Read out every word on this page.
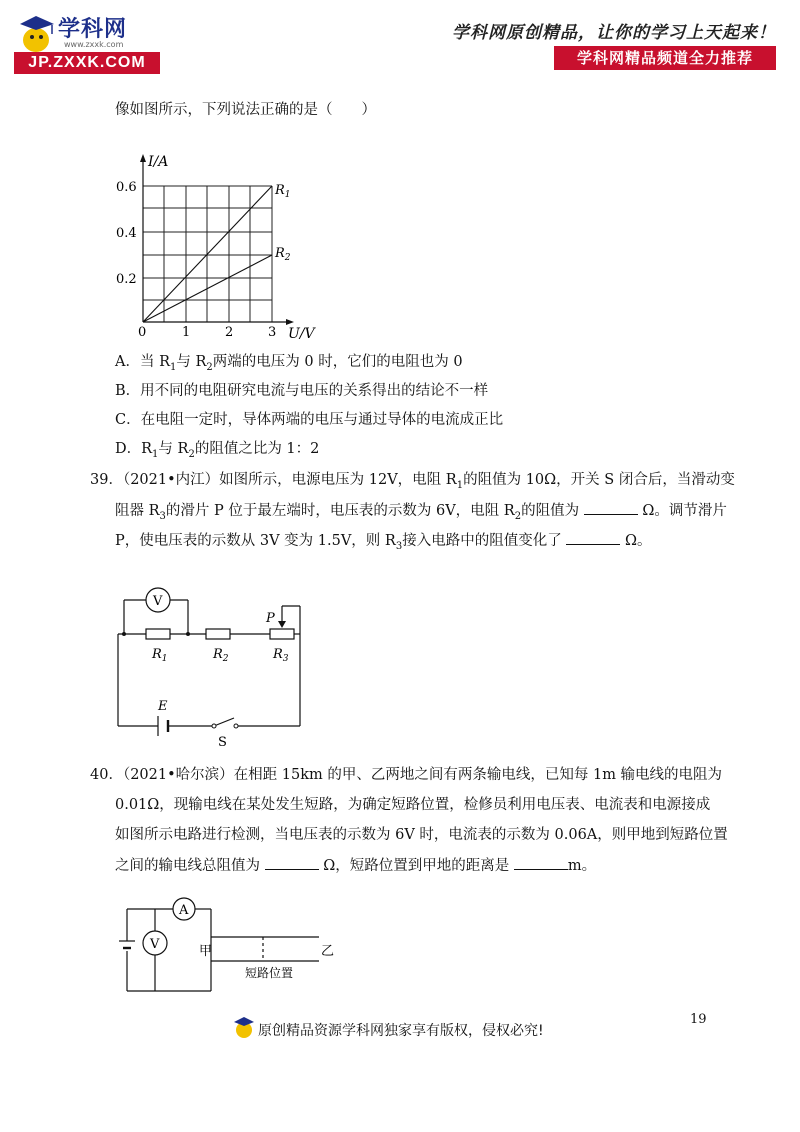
学科网
www.zxxk.com
JP.ZXXK.COM
学科网原创精品，让你的学习上天起来！
学科网精品频道全力推荐
像如图所示，下列说法正确的是（　　）
I/A
U/V
0.6
0.4
0.2
0	1	2	3
$R_1$
$R_2$
A．当 $R_1$与 $R_2$两端的电压为 0 时，它们的电阻也为 0
B．用不同的电阻研究电流与电压的关系得出的结论不一样
C．在电阻一定时，导体两端的电压与通过导体的电流成正比
D．$R_1$与 $R_2$的阻值之比为 1：2
39．（2021•内江）如图所示，电源电压为 12V，电阻 $R_1$的阻值为 10Ω，开关 S 闭合后，当滑动变
阻器 $R_3$的滑片 P 位于最左端时，电压表的示数为 6V，电阻 $R_2$的阻值为	Ω。调节滑片
P，使电压表的示数从 3V 变为 1.5V，则 $R_3$接入电路中的阻值变化了	Ω。
V
$R_1$	$R_2$	$R_3$
P
E
S
40．（2021•哈尔滨）在相距 15km 的甲、乙两地之间有两条输电线，已知每 1m 输电线的电阻为
0.01Ω，现输电线在某处发生短路，为确定短路位置，检修员利用电压表、电流表和电源接成
如图所示电路进行检测，当电压表的示数为 6V 时，电流表的示数为 0.06A，则甲地到短路位置
之间的输电线总阻值为	Ω，短路位置到甲地的距离是	m。
A
V	甲	乙
短路位置
19
原创精品资源学科网独家享有版权，侵权必究!
